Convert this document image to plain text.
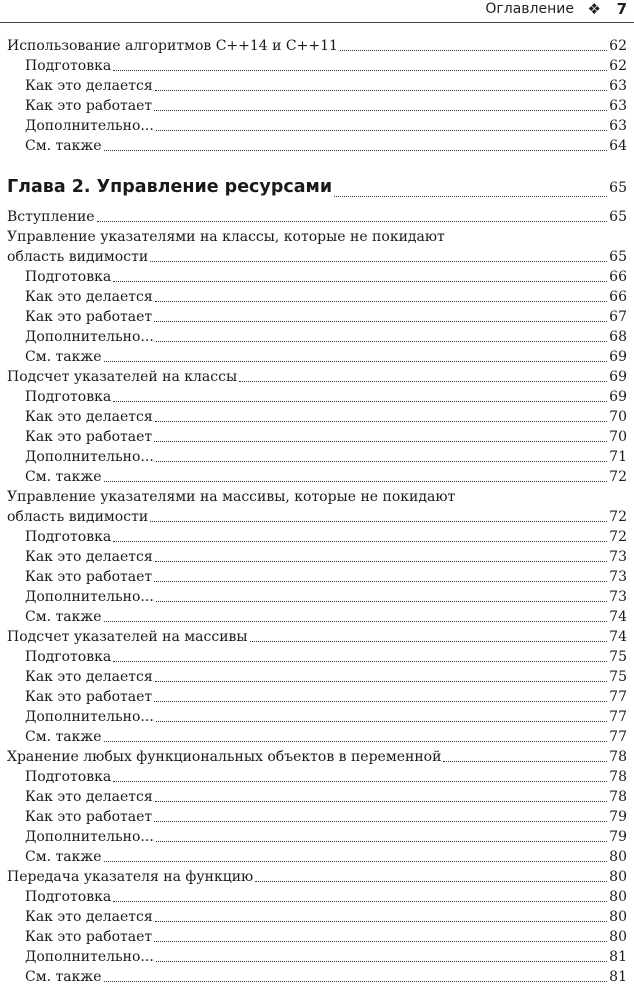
Оглавление ❖ 7
Использование алгоритмов C++14 и C++11	62
Подготовка	62
Как это делается	63
Как это работает	63
Дополнительно...	63
См. также	64
Глава 2. Управление ресурсами	65
Вступление	65
Управление указателями на классы, которые не покидают
область видимости	65
Подготовка	66
Как это делается	66
Как это работает	67
Дополнительно...	68
См. также	69
Подсчет указателей на классы	69
Подготовка	69
Как это делается	70
Как это работает	70
Дополнительно...	71
См. также	72
Управление указателями на массивы, которые не покидают
область видимости	72
Подготовка	72
Как это делается	73
Как это работает	73
Дополнительно...	73
См. также	74
Подсчет указателей на массивы	74
Подготовка	75
Как это делается	75
Как это работает	77
Дополнительно...	77
См. также	77
Хранение любых функциональных объектов в переменной	78
Подготовка	78
Как это делается	78
Как это работает	79
Дополнительно...	79
См. также	80
Передача указателя на функцию	80
Подготовка	80
Как это делается	80
Как это работает	80
Дополнительно...	81
См. также	81
